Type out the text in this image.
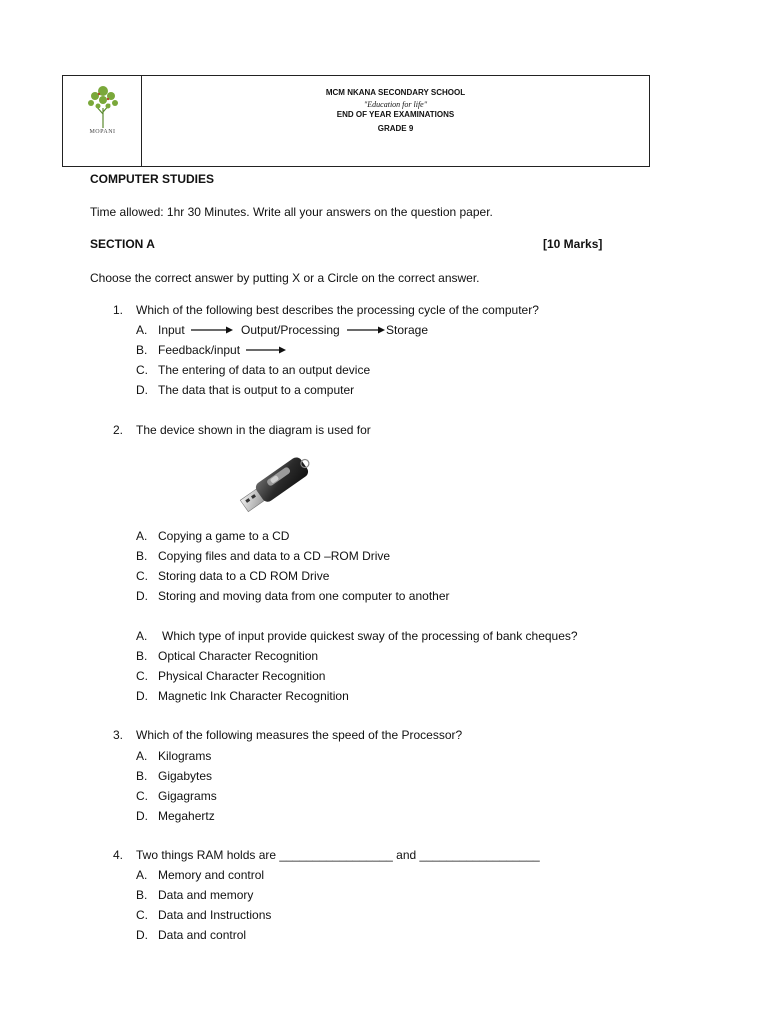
MOPANI
MCM NKANA SECONDARY SCHOOL
"Education for life"
END OF YEAR EXAMINATIONS
GRADE 9
COMPUTER STUDIES
Time allowed: 1hr 30 Minutes. Write all your answers on the question paper.
SECTION A	[10 Marks]
Choose the correct answer by putting X or a Circle on the correct answer.
1. Which of the following best describes the processing cycle of the computer?
A. Input	Output/Processing	Storage
B. Feedback/input
C. The entering of data to an output device
D. The data that is output to a computer
2. The device shown in the diagram is used for
A. Copying a game to a CD
B. Copying files and data to a CD –ROM Drive
C. Storing data to a CD ROM Drive
D. Storing and moving data from one computer to another
A. Which type of input provide quickest sway of the processing of bank cheques?
B. Optical Character Recognition
C. Physical Character Recognition
D. Magnetic Ink Character Recognition
3. Which of the following measures the speed of the Processor?
A. Kilograms
B. Gigabytes
C. Gigagrams
D. Megahertz
4. Two things RAM holds are _________________ and __________________
A. Memory and control
B. Data and memory
C. Data and Instructions
D. Data and control
